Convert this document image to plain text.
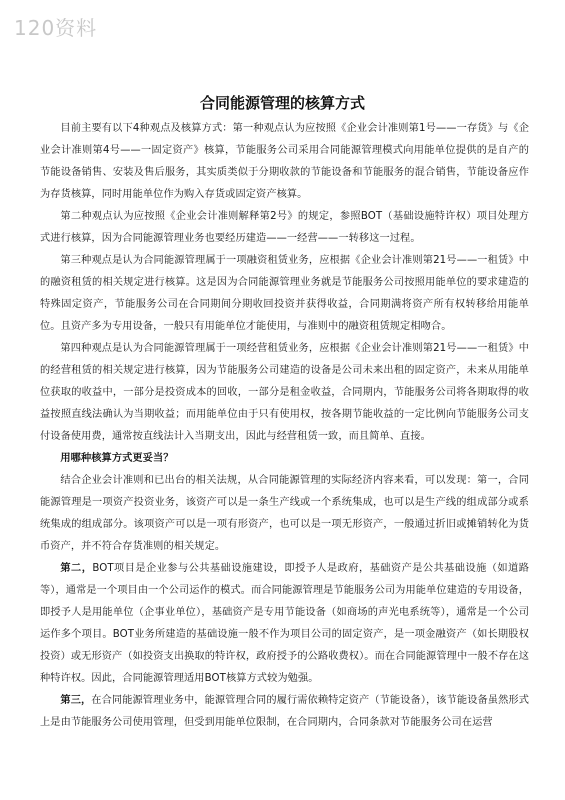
120资料
合同能源管理的核算方式

目前主要有以下4种观点及核算方式：第一种观点认为应按照《企业会计准则第1号——一存货》与《企业会计准则第4号——一固定资产》核算，节能服务公司采用合同能源管理模式向用能单位提供的是自产的节能设备销售、安装及售后服务，其实质类似于分期收款的节能设备和节能服务的混合销售，节能设备应作为存货核算，同时用能单位作为购入存货或固定资产核算。

第二种观点认为应按照《企业会计准则解释第2号》的规定，参照BOT（基础设施特许权）项目处理方式进行核算，因为合同能源管理业务也要经历建造——一经营——一转移这一过程。

第三种观点是认为合同能源管理属于一项融资租赁业务，应根据《企业会计准则第21号——一租赁》中的融资租赁的相关规定进行核算。这是因为合同能源管理业务就是节能服务公司按照用能单位的要求建造的特殊固定资产，节能服务公司在合同期间分期收回投资并获得收益，合同期满将资产所有权转移给用能单位。且资产多为专用设备，一般只有用能单位才能使用，与准则中的融资租赁规定相吻合。

第四种观点是认为合同能源管理属于一项经营租赁业务，应根据《企业会计准则第21号——一租赁》中的经营租赁的相关规定进行核算，因为节能服务公司建造的设备是公司未来出租的固定资产，未来从用能单位获取的收益中，一部分是投资成本的回收，一部分是租金收益，合同期内，节能服务公司将各期取得的收益按照直线法确认为当期收益；而用能单位由于只有使用权，按各期节能收益的一定比例向节能服务公司支付设备使用费，通常按直线法计入当期支出，因此与经营租赁一致，而且简单、直接。

用哪种核算方式更妥当？

结合企业会计准则和已出台的相关法规，从合同能源管理的实际经济内容来看，可以发现：第一，合同能源管理是一项资产投资业务，该资产可以是一条生产线或一个系统集成，也可以是生产线的组成部分或系统集成的组成部分。该项资产可以是一项有形资产，也可以是一项无形资产，一般通过折旧或摊销转化为货币资产，并不符合存货准则的相关规定。

第二，BOT项目是企业参与公共基础设施建设，即授予人是政府，基础资产是公共基础设施（如道路等），通常是一个项目由一个公司运作的模式。而合同能源管理是节能服务公司为用能单位建造的专用设备，即授予人是用能单位（企事业单位），基础资产是专用节能设备（如商场的声光电系统等），通常是一个公司运作多个项目。BOT业务所建造的基础设施一般不作为项目公司的固定资产，是一项金融资产（如长期股权投资）或无形资产（如投资支出换取的特许权，政府授予的公路收费权）。而在合同能源管理中一般不存在这种特许权。因此，合同能源管理适用BOT核算方式较为勉强。

第三，在合同能源管理业务中，能源管理合同的履行需依赖特定资产（节能设备），该节能设备虽然形式上是由节能服务公司使用管理，但受到用能单位限制，在合同期内，合同条款对节能服务公司在运营
